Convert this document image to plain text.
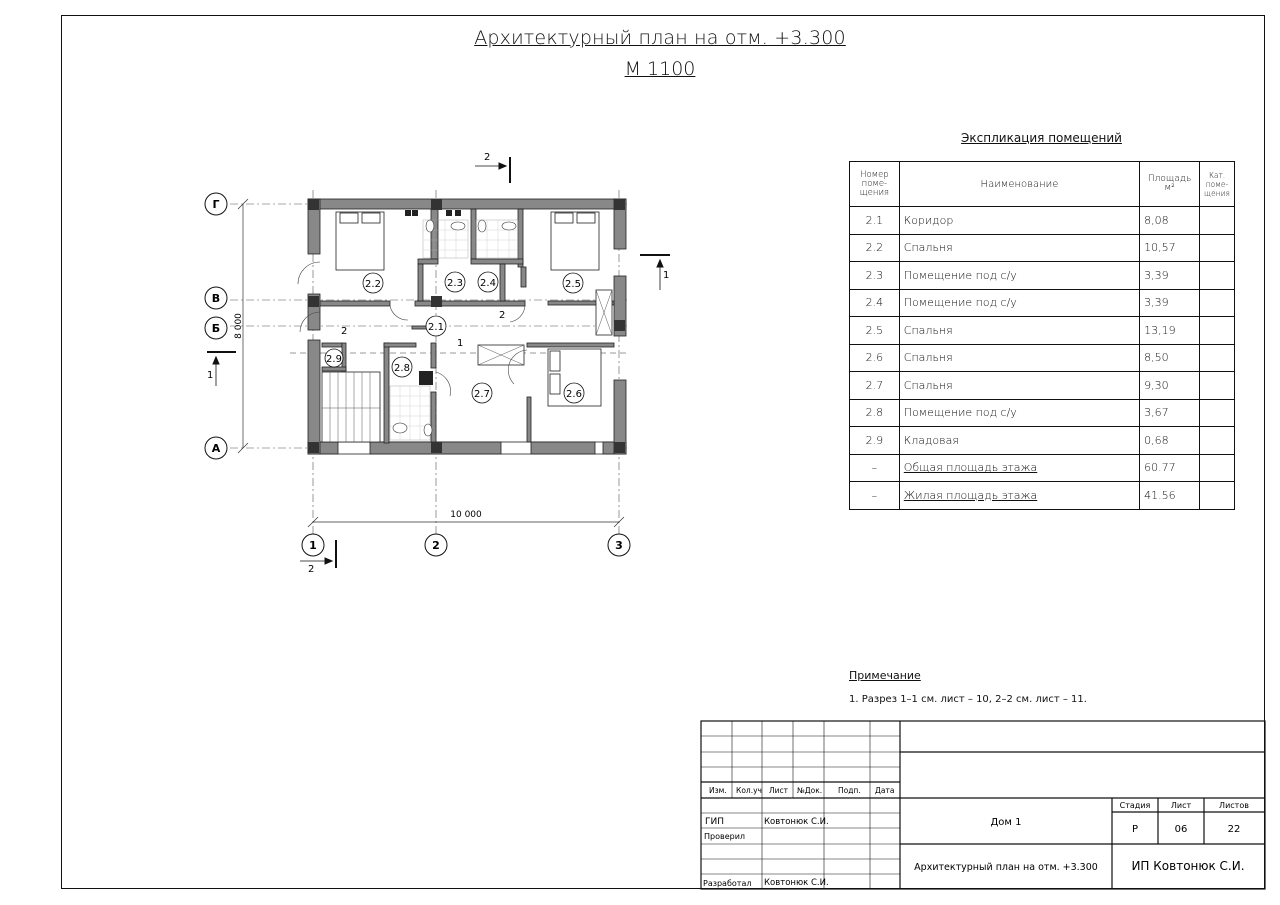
Архитектурный план на отм. +3.300
М 1100
10 000
8 000
Г
В
Б
А
1	2	3
2
2
1
1
2
2
1
2.2	2.3 2.4	2.5
2.1
2.9
2.8
2.7	2.6
Экспликация помещений
Номер поме- щения	Наименование	Площадь м²	Кат. поме- щения
2.1	Коридор	8,08	
2.2	Спальня	10,57	
2.3	Помещение под с/у	3,39	
2.4	Помещение под с/у	3,39	
2.5	Спальня	13,19	
2.6	Спальня	8,50	
2.7	Спальня	9,30	
2.8	Помещение под с/у	3,67	
2.9	Кладовая	0,68	
–	Общая площадь этажа	60.77	
–	Жилая площадь этажа	41.56	
Примечание
1. Разрез 1–1 см. лист – 10, 2–2 см. лист – 11.
Изм. Кол.уч Лист №Док. Подп. Дата
ГИП	Ковтонюк С.И.
Проверил
Разработал Ковтонюк С.И.
Дом 1
Архитектурный план на отм. +3.300
Стадия	Лист	Листов
Р	06	22
ИП Ковтонюк С.И.
